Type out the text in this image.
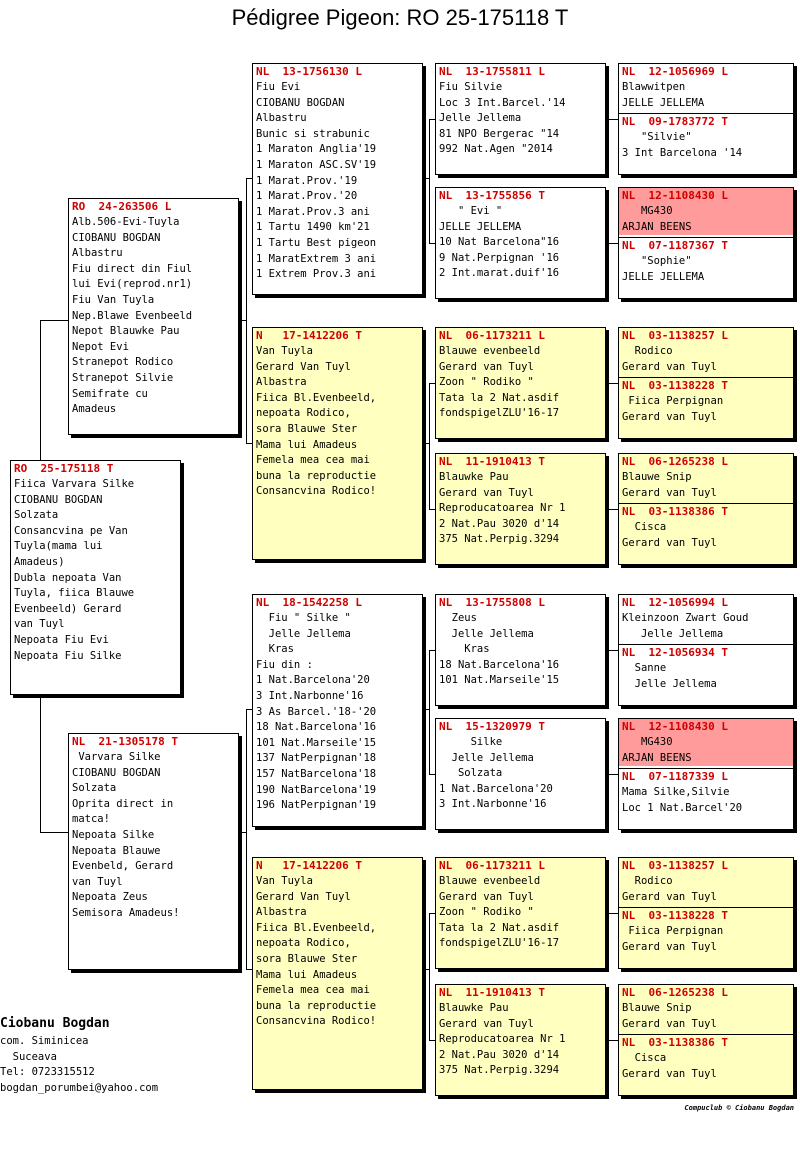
Pédigree Pigeon: RO 25-175118 T
RO  25-175118 T
Fiica Varvara Silke
CIOBANU BOGDAN
Solzata
Consancvina pe Van
Tuyla(mama lui
Amadeus)
Dubla nepoata Van
Tuyla, fiica Blauwe
Evenbeeld) Gerard
van Tuyl
Nepoata Fiu Evi
Nepoata Fiu Silke
RO  24-263506 L
Alb.506-Evi-Tuyla
CIOBANU BOGDAN
Albastru
Fiu direct din Fiul
lui Evi(reprod.nr1)
Fiu Van Tuyla
Nep.Blawe Evenbeeld
Nepot Blauwke Pau
Nepot Evi
Stranepot Rodico
Stranepot Silvie
Semifrate cu
Amadeus
NL  21-1305178 T
Varvara Silke
CIOBANU BOGDAN
Solzata
Oprita direct in
matca!
Nepoata Silke
Nepoata Blauwe
Evenbeld, Gerard
van Tuyl
Nepoata Zeus
Semisora Amadeus!
NL  13-1756130 L
Fiu Evi
CIOBANU BOGDAN
Albastru
Bunic si strabunic
1 Maraton Anglia'19
1 Maraton ASC.SV'19
1 Marat.Prov.'19
1 Marat.Prov.'20
1 Marat.Prov.3 ani
1 Tartu 1490 km'21
1 Tartu Best pigeon
1 MaratExtrem 3 ani
1 Extrem Prov.3 ani
N   17-1412206 T
Van Tuyla
Gerard Van Tuyl
Albastra
Fiica Bl.Evenbeeld,
nepoata Rodico,
sora Blauwe Ster
Mama lui Amadeus
Femela mea cea mai
buna la reproductie
Consancvina Rodico!
NL  18-1542258 L
Fiu " Silke "
Jelle Jellema
Kras
Fiu din :
1 Nat.Barcelona'20
3 Int.Narbonne'16
3 As Barcel.'18-'20
18 Nat.Barcelona'16
101 Nat.Marseile'15
137 NatPerpignan'18
157 NatBarcelona'18
190 NatBarcelona'19
196 NatPerpignan'19
N   17-1412206 T
Van Tuyla
Gerard Van Tuyl
Albastra
Fiica Bl.Evenbeeld,
nepoata Rodico,
sora Blauwe Ster
Mama lui Amadeus
Femela mea cea mai
buna la reproductie
Consancvina Rodico!
NL  13-1755811 L
Fiu Silvie
Loc 3 Int.Barcel.'14
Jelle Jellema
81 NPO Bergerac "14
992 Nat.Agen "2014
NL  13-1755856 T
" Evi "
JELLE JELLEMA
10 Nat Barcelona"16
9 Nat.Perpignan '16
2 Int.marat.duif'16
NL  06-1173211 L
Blauwe evenbeeld
Gerard van Tuyl
Zoon " Rodiko "
Tata la 2 Nat.asdif
fondspigelZLU'16-17
NL  11-1910413 T
Blauwke Pau
Gerard van Tuyl
Reproducatoarea Nr 1
2 Nat.Pau 3020 d'14
375 Nat.Perpig.3294
NL  13-1755808 L
Zeus
Jelle Jellema
Kras
18 Nat.Barcelona'16
101 Nat.Marseile'15
NL  15-1320979 T
Silke
Jelle Jellema
Solzata
1 Nat.Barcelona'20
3 Int.Narbonne'16
NL  06-1173211 L
Blauwe evenbeeld
Gerard van Tuyl
Zoon " Rodiko "
Tata la 2 Nat.asdif
fondspigelZLU'16-17
NL  11-1910413 T
Blauwke Pau
Gerard van Tuyl
Reproducatoarea Nr 1
2 Nat.Pau 3020 d'14
375 Nat.Perpig.3294
NL  12-1056969 L
Blawwitpen
JELLE JELLEMA
NL  09-1783772 T
"Silvie"
3 Int Barcelona '14
NL  12-1108430 L
MG430
ARJAN BEENS
NL  07-1187367 T
"Sophie"
JELLE JELLEMA
NL  03-1138257 L
Rodico
Gerard van Tuyl
NL  03-1138228 T
Fiica Perpignan
Gerard van Tuyl
NL  06-1265238 L
Blauwe Snip
Gerard van Tuyl
NL  03-1138386 T
Cisca
Gerard van Tuyl
NL  12-1056994 L
Kleinzoon Zwart Goud
Jelle Jellema
NL  12-1056934 T
Sanne
Jelle Jellema
NL  12-1108430 L
MG430
ARJAN BEENS
NL  07-1187339 L
Mama Silke,Silvie
Loc 1 Nat.Barcel'20
NL  03-1138257 L
Rodico
Gerard van Tuyl
NL  03-1138228 T
Fiica Perpignan
Gerard van Tuyl
NL  06-1265238 L
Blauwe Snip
Gerard van Tuyl
NL  03-1138386 T
Cisca
Gerard van Tuyl
Ciobanu Bogdan
com. Siminicea
Suceava
Tel: 0723315512
bogdan_porumbei@yahoo.com
Compuclub © Ciobanu Bogdan
